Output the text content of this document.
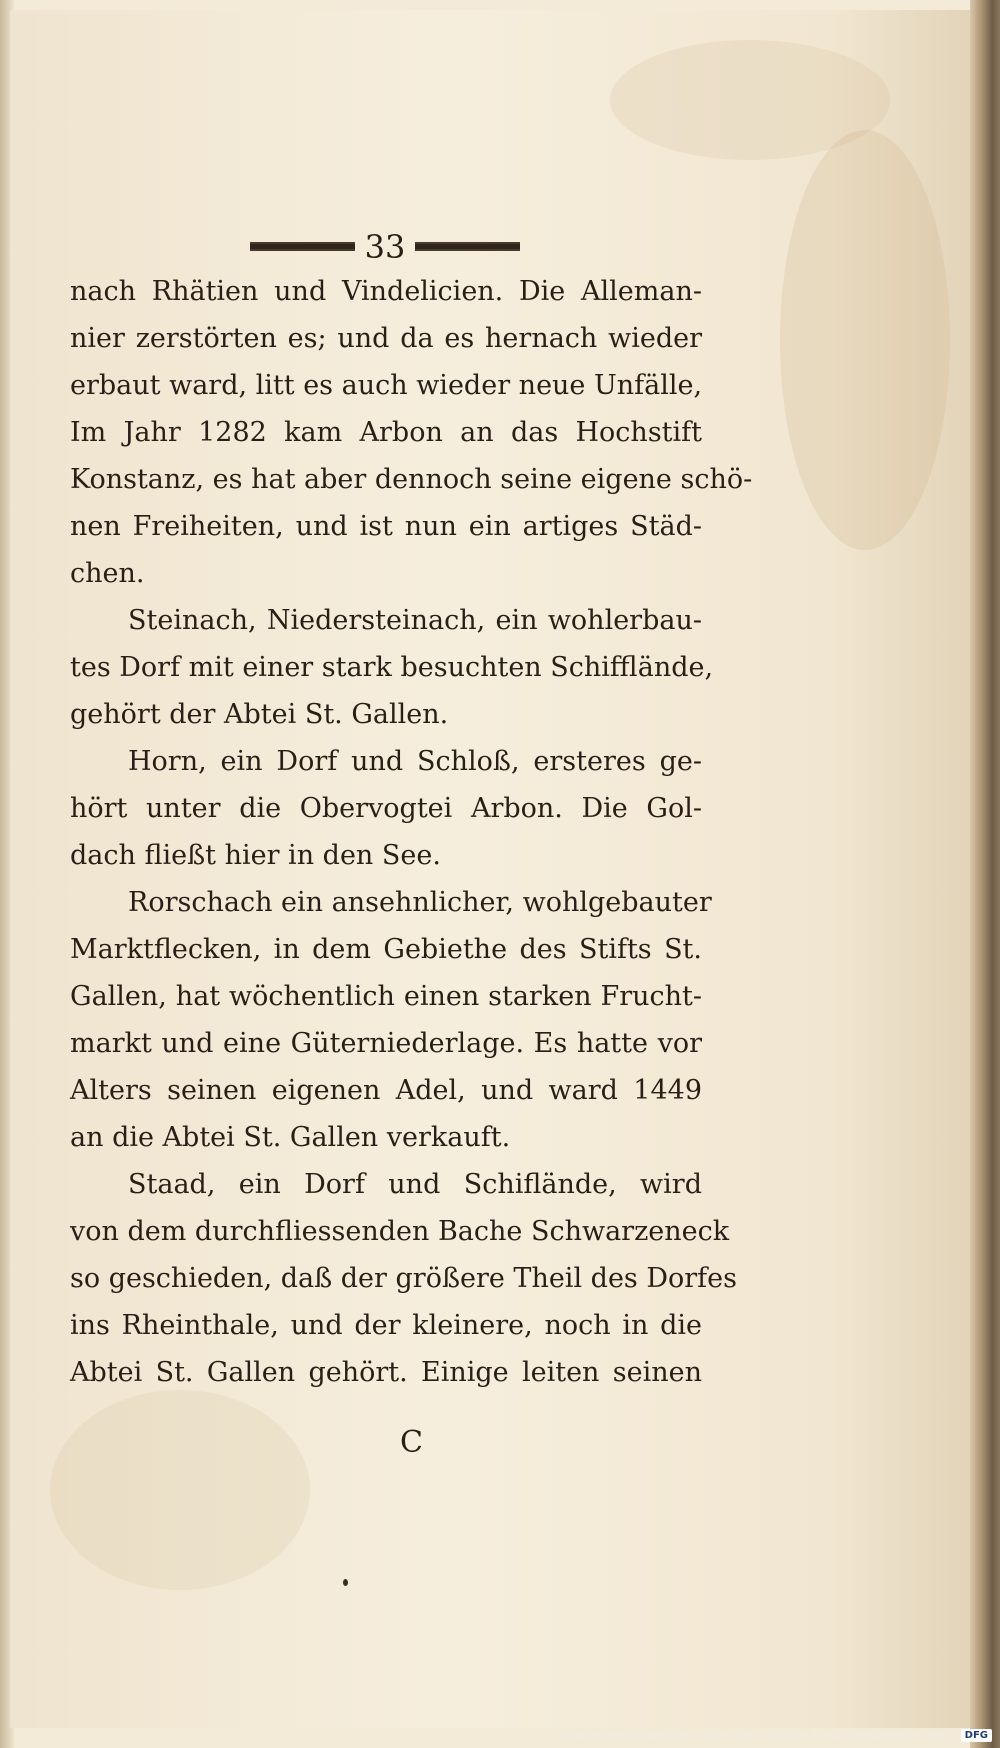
33
nach Rhätien und Vindelicien. Die Alleman-
nier zerstörten es; und da es hernach wieder
erbaut ward, litt es auch wieder neue Unfälle,
Im Jahr 1282 kam Arbon an das Hochstift
Konstanz, es hat aber dennoch seine eigene schö-
nen Freiheiten, und ist nun ein artiges Städ-
chen.
Steinach, Niedersteinach, ein wohlerbau-
tes Dorf mit einer stark besuchten Schifflände,
gehört der Abtei St. Gallen.
Horn, ein Dorf und Schloß, ersteres ge-
hört unter die Obervogtei Arbon. Die Gol-
dach fließt hier in den See.
Rorschach ein ansehnlicher, wohlgebauter
Marktflecken, in dem Gebiethe des Stifts St.
Gallen, hat wöchentlich einen starken Frucht-
markt und eine Güterniederlage. Es hatte vor
Alters seinen eigenen Adel, und ward 1449
an die Abtei St. Gallen verkauft.
Staad, ein Dorf und Schiflände, wird
von dem durchfliessenden Bache Schwarzeneck
so geschieden, daß der größere Theil des Dorfes
ins Rheinthale, und der kleinere, noch in die
Abtei St. Gallen gehört. Einige leiten seinen
C
Digitalisierung gefördert durch die Deutsche Forschungsgemeinschaft - DFG
